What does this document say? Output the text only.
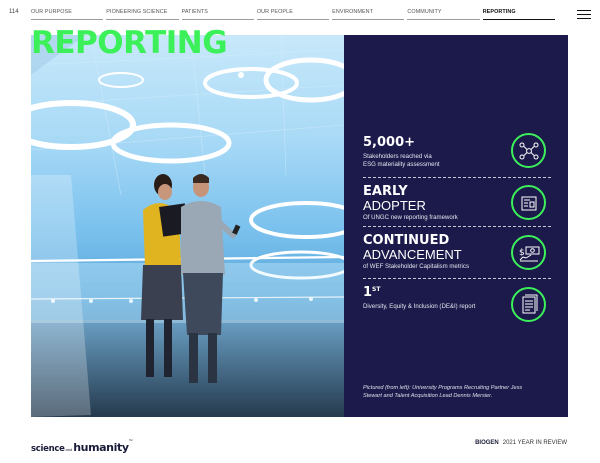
114 OUR PURPOSE	PIONEERING SCIENCE	PATIENTS	OUR PEOPLE	ENVIRONMENT	COMMUNITY	REPORTING
REPORTING
5,000+
Stakeholders reached via
ESG materiality assessment
EARLY
ADOPTER
Of UNGC new reporting framework
CONTINUED
ADVANCEMENT
of WEF Stakeholder Capitalism metrics
$
1ST
Diversity, Equity & Inclusion (DE&I) report
Pictured (from left): University Programs Recruiting Partner Jess
Stewart and Talent Acquisition Lead Dennis Mersier.
scienceandhumanity™	BIOGEN 2021 YEAR IN REVIEW
